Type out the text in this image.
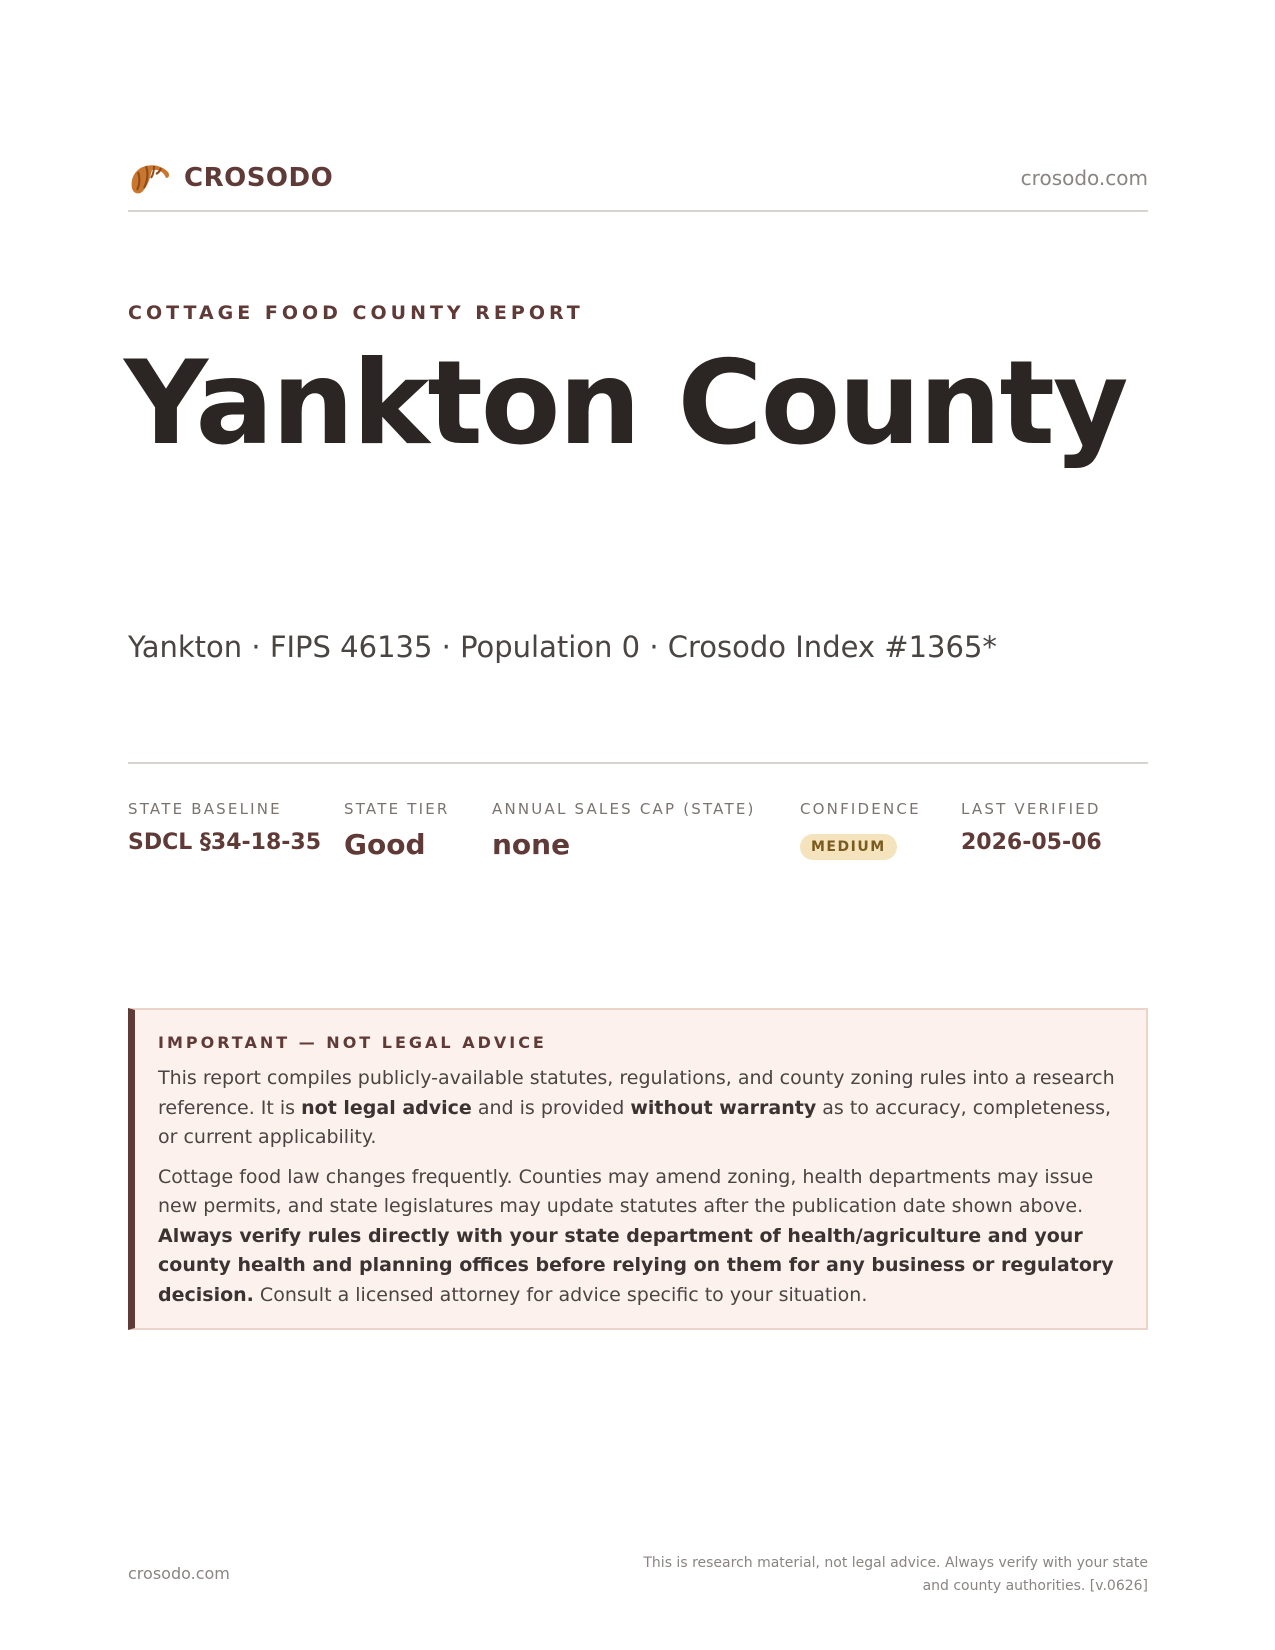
CROSODO	crosodo.com
COTTAGE FOOD COUNTY REPORT
Yankton County
Yankton · FIPS 46135 · Population 0 · Crosodo Index #1365*
STATE BASELINE
SDCL §34-18-35
STATE TIER
Good
ANNUAL SALES CAP (STATE)
none
CONFIDENCE
MEDIUM
LAST VERIFIED
2026-05-06
IMPORTANT — NOT LEGAL ADVICE

This report compiles publicly-available statutes, regulations, and county zoning rules into a research reference. It is not legal advice and is provided without warranty as to accuracy, completeness, or current applicability.

Cottage food law changes frequently. Counties may amend zoning, health departments may issue new permits, and state legislatures may update statutes after the publication date shown above. Always verify rules directly with your state department of health/agriculture and your county health and planning offices before relying on them for any business or regulatory decision. Consult a licensed attorney for advice specific to your situation.

crosodo.com
This is research material, not legal advice. Always verify with your state
and county authorities. [v.0626]
